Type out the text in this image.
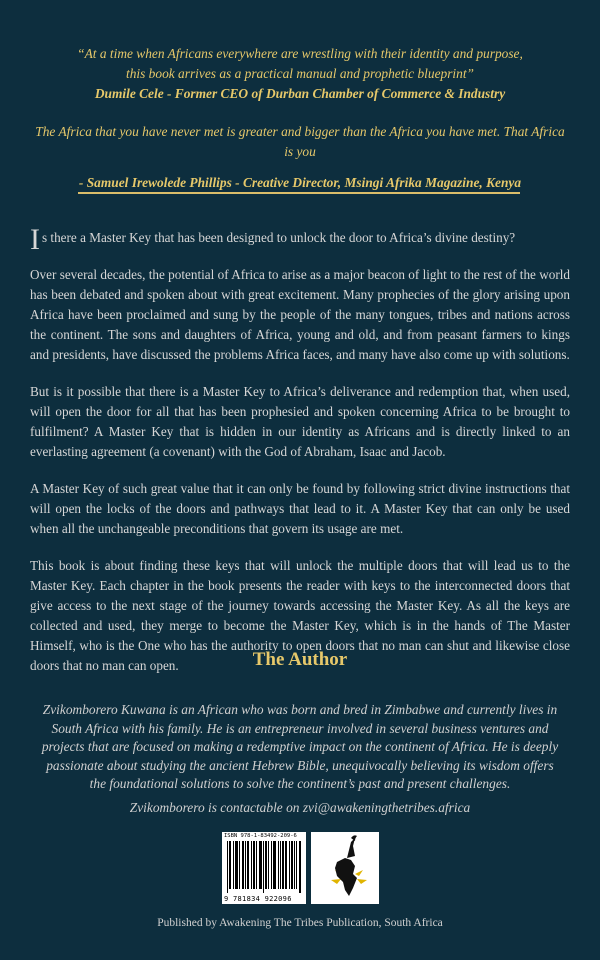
“At a time when Africans everywhere are wrestling with their identity and purpose,
this book arrives as a practical manual and prophetic blueprint”
Dumile Cele - Former CEO of Durban Chamber of Commerce & Industry
The Africa that you have never met is greater and bigger than the Africa you have met. That Africa is you
- Samuel Irewolede Phillips - Creative Director, Msingi Afrika Magazine, Kenya

Is there a Master Key that has been designed to unlock the door to Africa’s divine destiny?

Over several decades, the potential of Africa to arise as a major beacon of light to the rest of the world has been debated and spoken about with great excitement. Many prophecies of the glory arising upon Africa have been proclaimed and sung by the people of the many tongues, tribes and nations across the continent. The sons and daughters of Africa, young and old, and from peasant farmers to kings and presidents, have discussed the problems Africa faces, and many have also come up with solutions.

But is it possible that there is a Master Key to Africa’s deliverance and redemption that, when used, will open the door for all that has been prophesied and spoken concerning Africa to be brought to fulfilment? A Master Key that is hidden in our identity as Africans and is directly linked to an everlasting agreement (a covenant) with the God of Abraham, Isaac and Jacob.

A Master Key of such great value that it can only be found by following strict divine instructions that will open the locks of the doors and pathways that lead to it. A Master Key that can only be used when all the unchangeable preconditions that govern its usage are met.

This book is about finding these keys that will unlock the multiple doors that will lead us to the Master Key. Each chapter in the book presents the reader with keys to the interconnected doors that give access to the next stage of the journey towards accessing the Master Key. As all the keys are collected and used, they merge to become the Master Key, which is in the hands of The Master Himself, who is the One who has the authority to open doors that no man can shut and likewise close doors that no man can open.	The Author
Zvikomborero Kuwana is an African who was born and bred in Zimbabwe and currently lives in South Africa with his family. He is an entrepreneur involved in several business ventures and projects that are focused on making a redemptive impact on the continent of Africa. He is deeply passionate about studying the ancient Hebrew Bible, unequivocally believing its wisdom offers the foundational solutions to solve the continent’s past and present challenges.
Zvikomborero is contactable on zvi@awakeningthetribes.africa
ISBN 978-1-83492-209-6
9 781834 922096
Published by Awakening The Tribes Publication, South Africa
